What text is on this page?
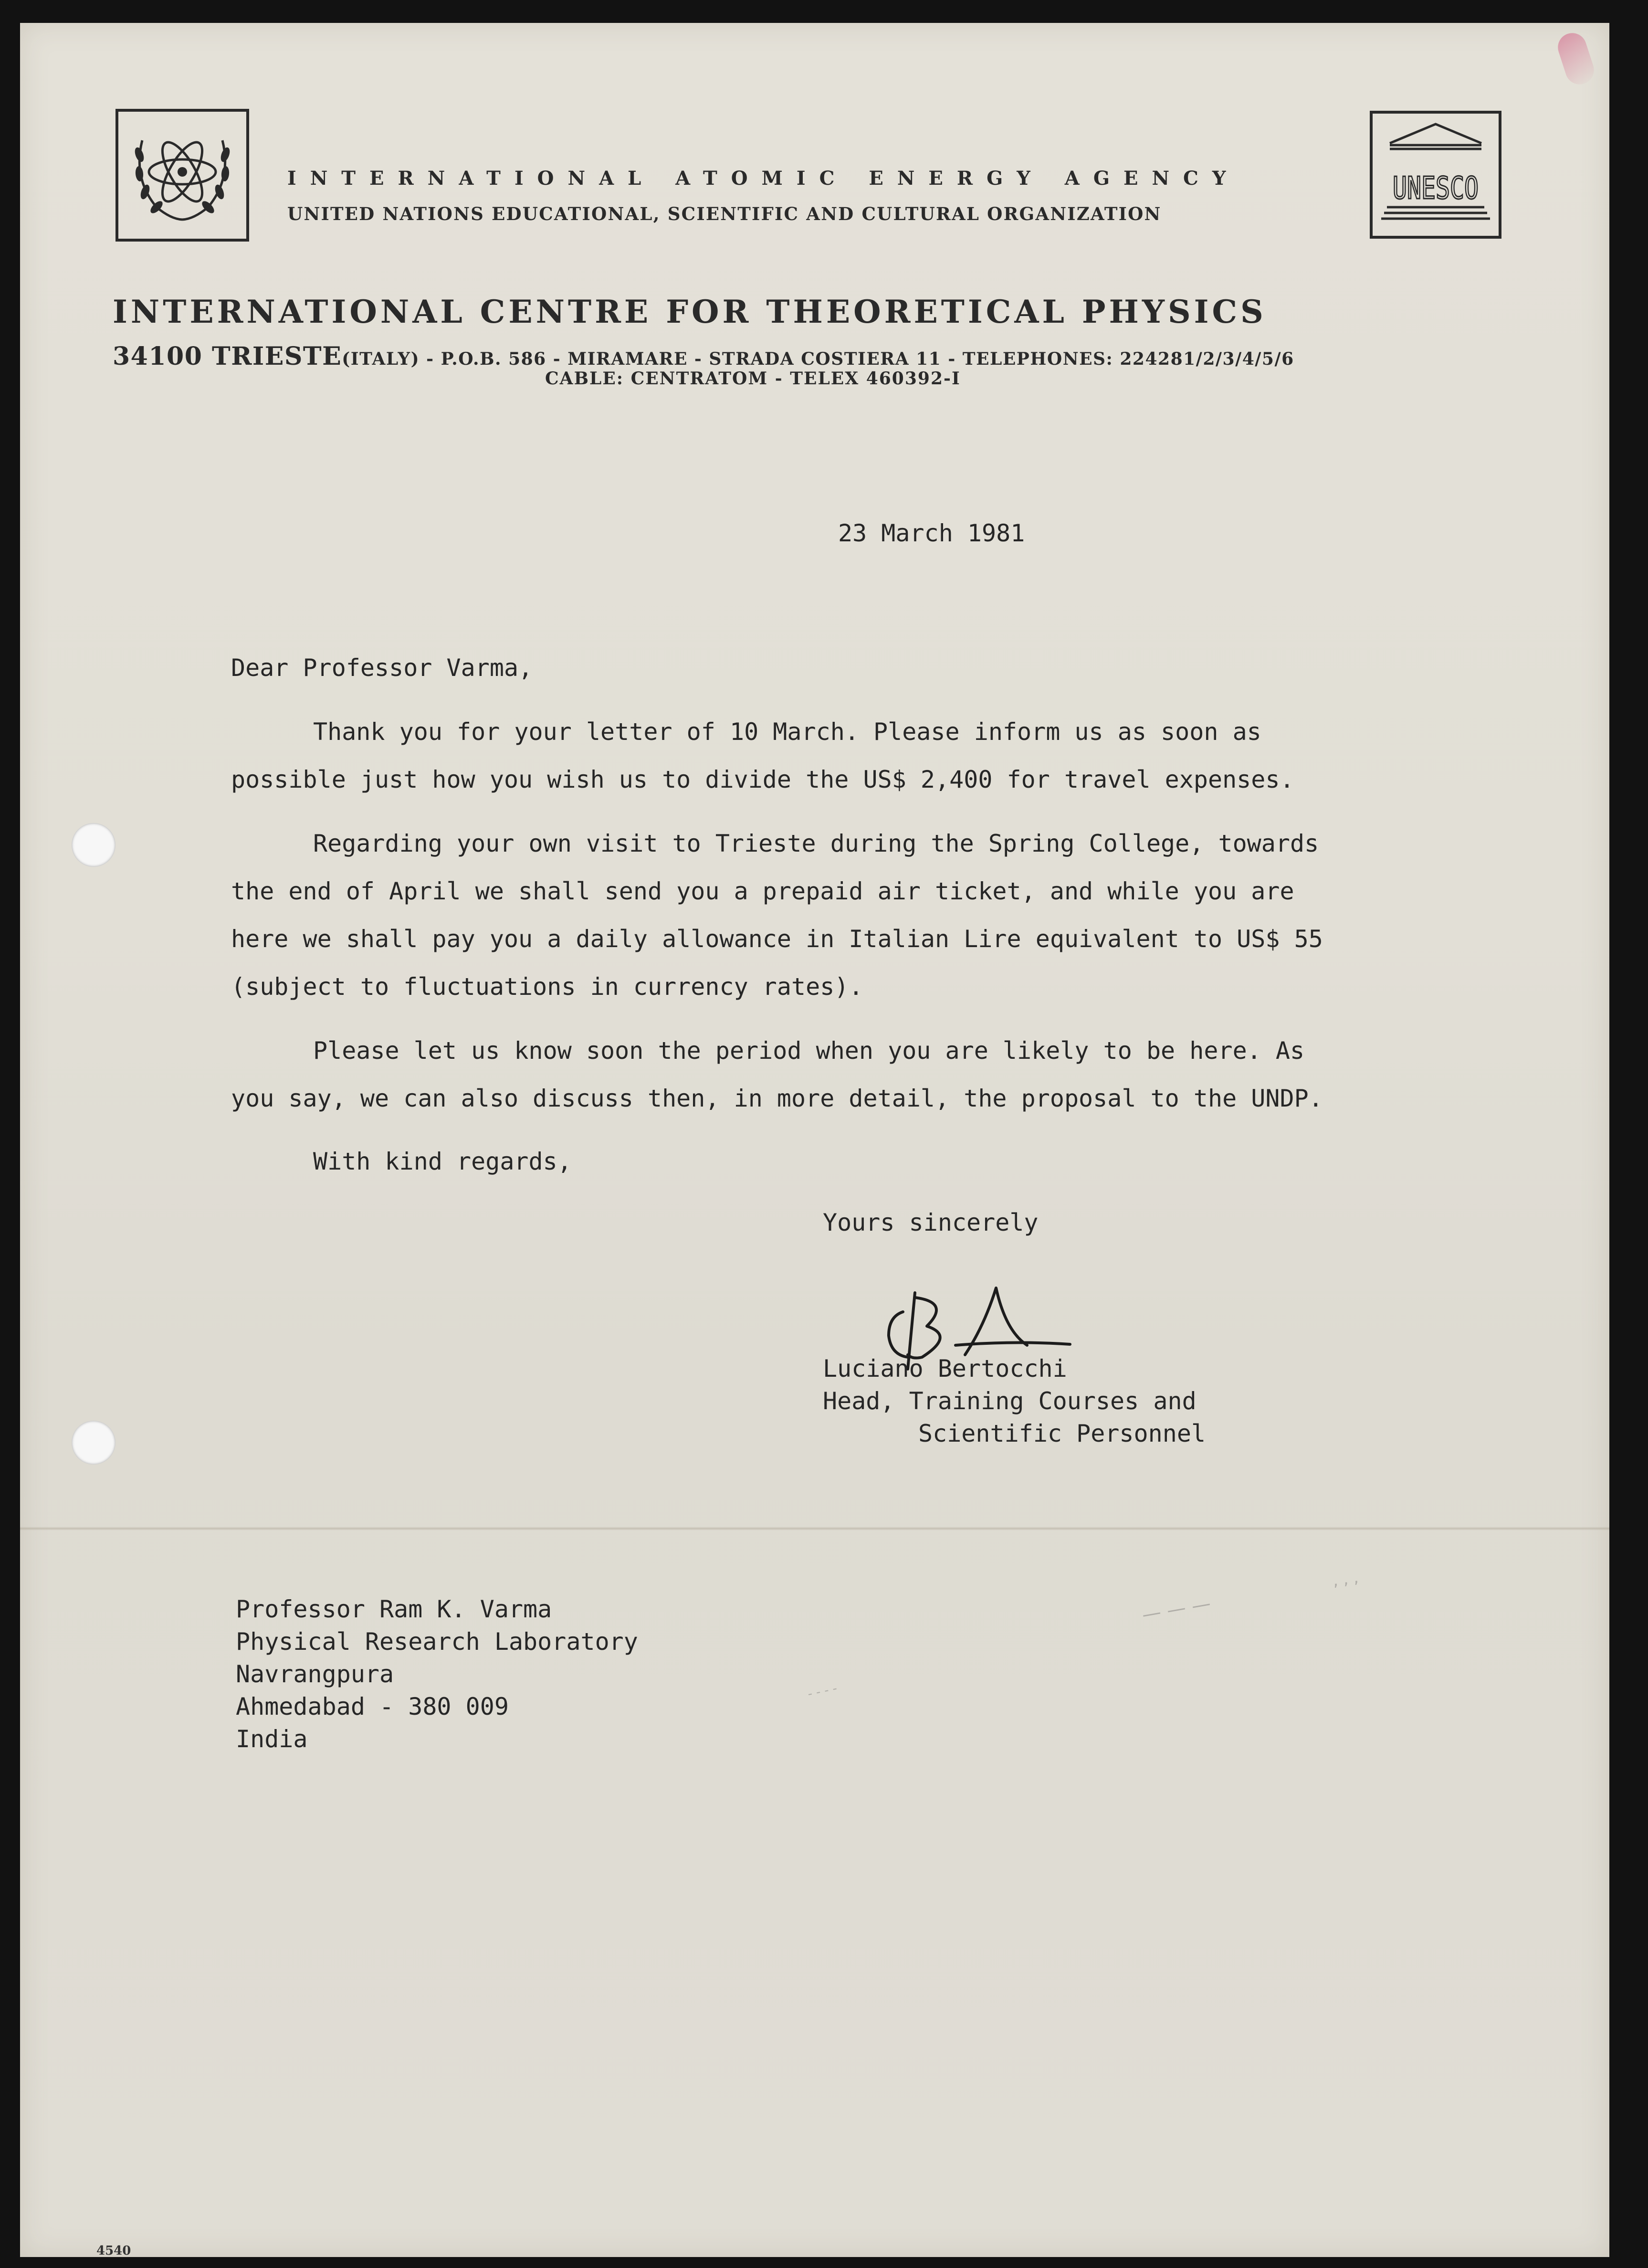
UNESCO
INTERNATIONAL ATOMIC ENERGY AGENCY
UNITED NATIONS EDUCATIONAL, SCIENTIFIC AND CULTURAL ORGANIZATION
INTERNATIONAL CENTRE FOR THEORETICAL PHYSICS
34100 TRIESTE(ITALY) - P.O.B. 586 - MIRAMARE - STRADA COSTIERA 11 - TELEPHONES: 224281/2/3/4/5/6
CABLE: CENTRATOM - TELEX 460392-I
23 March 1981
Dear Professor Varma,
Thank you for your letter of 10 March. Please inform us as soon as
possible just how you wish us to divide the US$ 2,400 for travel expenses.
Regarding your own visit to Trieste during the Spring College, towards
the end of April we shall send you a prepaid air ticket, and while you are
here we shall pay you a daily allowance in Italian Lire equivalent to US$ 55
(subject to fluctuations in currency rates).
Please let us know soon the period when you are likely to be here. As
you say, we can also discuss then, in more detail, the proposal to the UNDP.
With kind regards,
Yours sincerely
Luciano Bertocchi
Head, Training Courses and
Scientific Personnel
Professor Ram K. Varma
Physical Research Laboratory
Navrangpura
Ahmedabad - 380 009
India
— — —
, , ,
- - - -
4540
